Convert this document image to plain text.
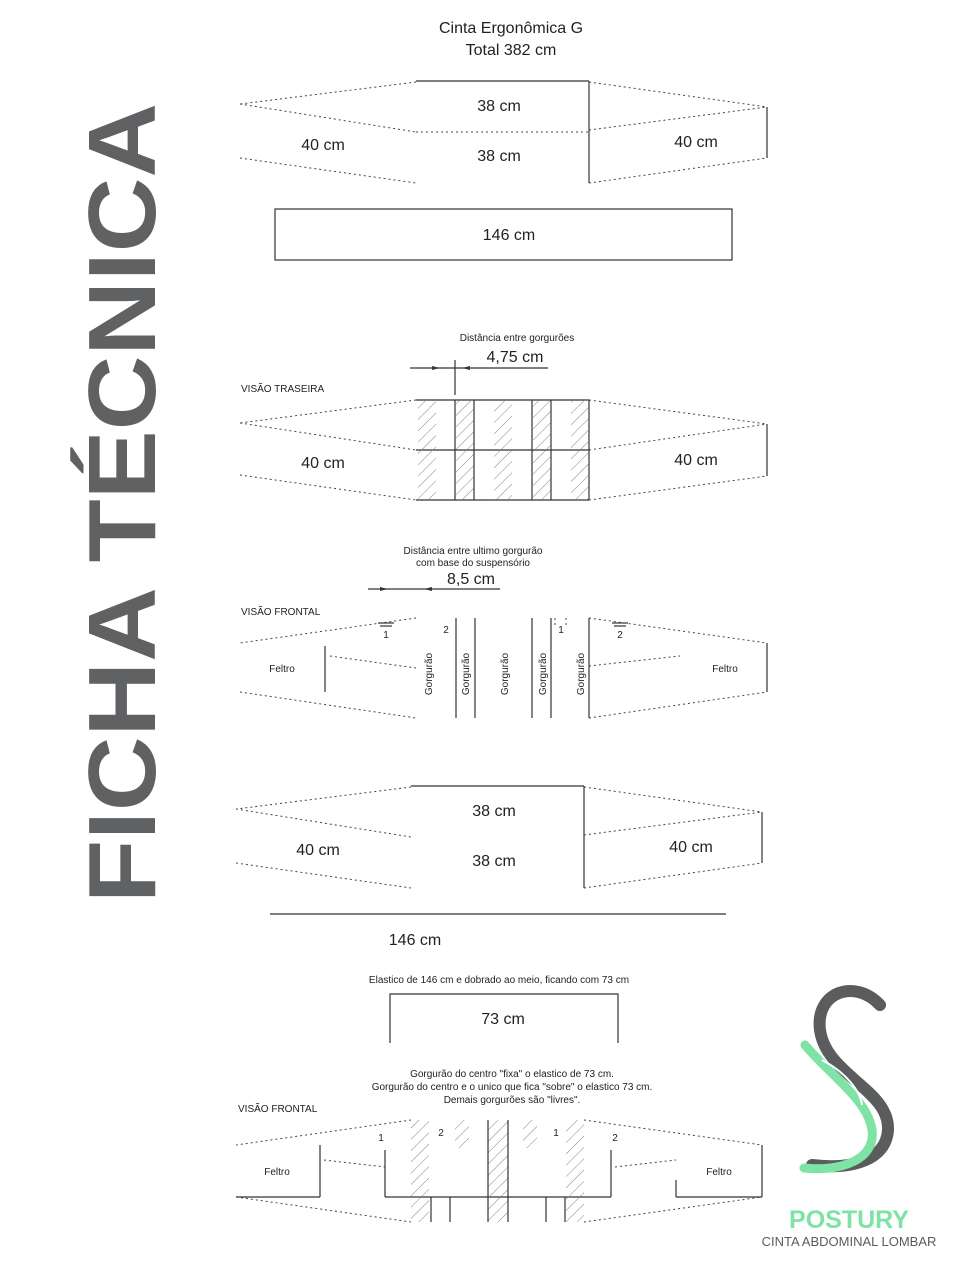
FICHA TÉCNICA
Cinta Ergonômica G
Total 382 cm
38 cm
38 cm
40 cm	40 cm
146 cm
Distância entre gorgurões
4,75 cm
VISÃO TRASEIRA
40 cm	40 cm
Distância entre ultimo gorgurão
com base do suspensório
8,5 cm
VISÃO FRONTAL
1	2	1	2
Feltro	Feltro
Gorgurão	Gorgurão	Gorgurão	Gorgurão	Gorgurão
38 cm
38 cm
40 cm	40 cm
146 cm
Elastico de 146 cm e dobrado ao meio, ficando com 73 cm
73 cm
Gorgurão do centro "fixa" o elastico de 73 cm.
Gorgurão do centro e o unico que fica "sobre" o elastico 73 cm.
Demais gorgurões são "livres".
VISÃO FRONTAL
1	2	1	2
Feltro	Feltro
POSTURY
CINTA ABDOMINAL LOMBAR
